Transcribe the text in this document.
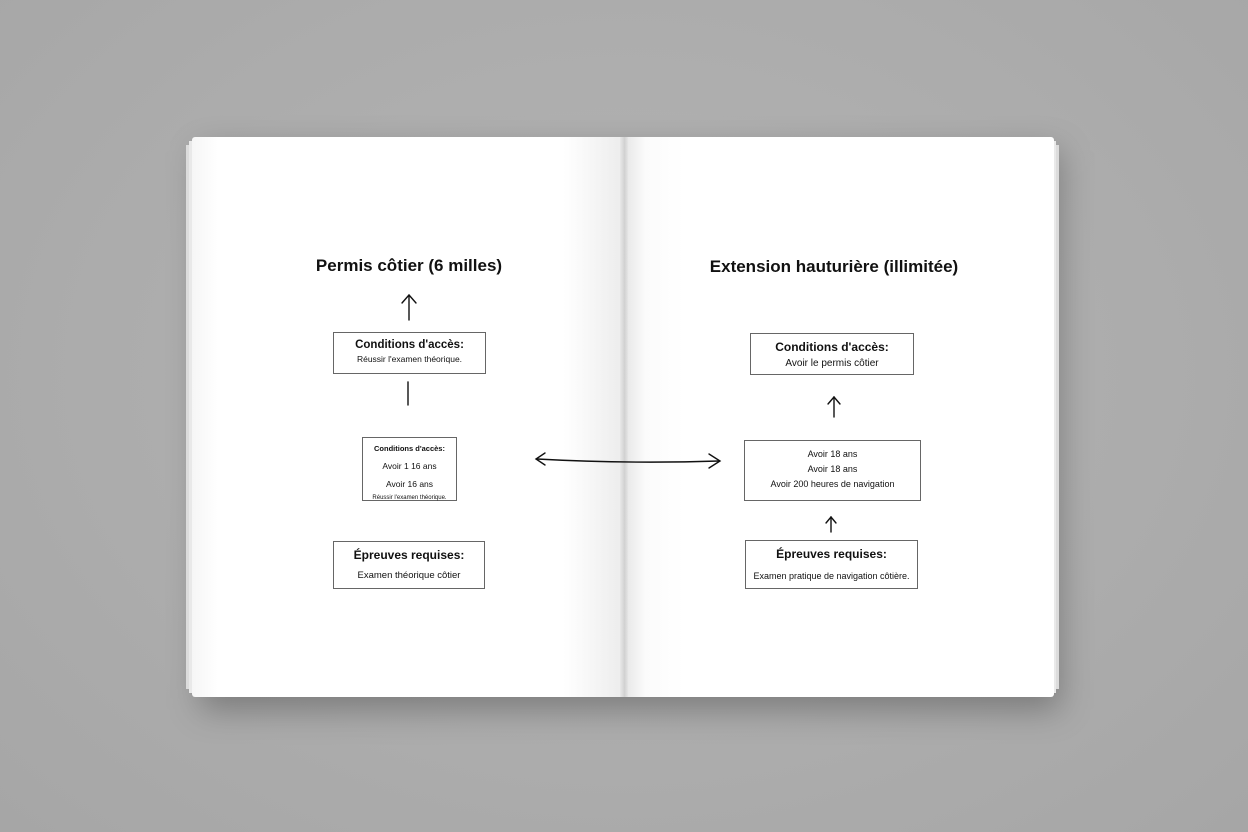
Permis côtier (6 milles)
Conditions d'accès:
Réussir l'examen théorique.
Conditions d'accès:
Avoir 1 16 ans
Avoir 16 ans
Réussir l'examen théorique.
Épreuves requises:
Examen théorique côtier
Extension hauturière (illimitée)
Conditions d'accès:
Avoir le permis côtier
Avoir 18 ans
Avoir 18 ans
Avoir 200 heures de navigation
Épreuves requises:
Examen pratique de navigation côtière.
